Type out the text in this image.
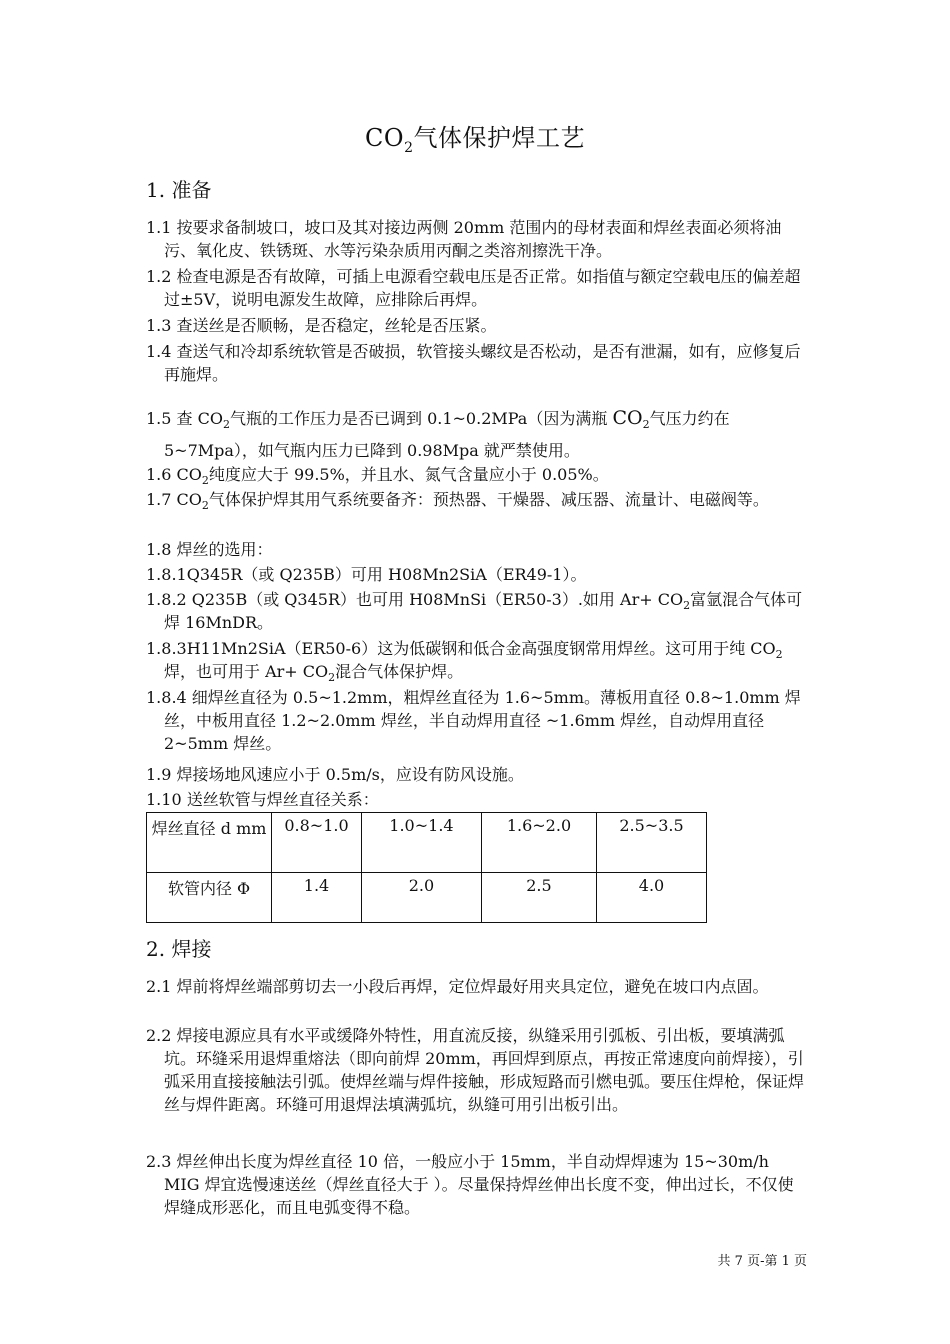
$CO_2$气体保护焊工艺
1. 准备
1.1 按要求备制坡口，坡口及其对接边两侧 20mm 范围内的母材表面和焊丝表面必须将油污、氧化皮、铁锈斑、水等污染杂质用丙酮之类溶剂擦洗干净。
1.2 检查电源是否有故障，可插上电源看空载电压是否正常。如指值与额定空载电压的偏差超过±5V，说明电源发生故障，应排除后再焊。
1.3 查送丝是否顺畅，是否稳定，丝轮是否压紧。
1.4 查送气和冷却系统软管是否破损，软管接头螺纹是否松动，是否有泄漏，如有，应修复后再施焊。
1.5 查 $CO_2$气瓶的工作压力是否已调到 0.1~0.2MPa（因为满瓶 $CO_2$气压力约在 5~7Mpa），如气瓶内压力已降到 0.98Mpa 就严禁使用。
1.6 $CO_2$纯度应大于 99.5%，并且水、氮气含量应小于 0.05%。
1.7 $CO_2$气体保护焊其用气系统要备齐：预热器、干燥器、减压器、流量计、电磁阀等。
1.8 焊丝的选用：
1.8.1Q345R（或 Q235B）可用 H08Mn2SiA（ER49-1）。
1.8.2 Q235B（或 Q345R）也可用 H08MnSi（ER50-3）.如用 $Ar+ CO_2$富氩混合气体可焊 16MnDR。
1.8.3H11Mn2SiA（ER50-6）这为低碳钢和低合金高强度钢常用焊丝。这可用于纯 $CO_2$焊，也可用于 $Ar+ CO_2$混合气体保护焊。
1.8.4 细焊丝直径为 0.5~1.2mm，粗焊丝直径为 1.6~5mm。薄板用直径 0.8~1.0mm 焊丝，中板用直径 1.2~2.0mm 焊丝，半自动焊用直径 ~1.6mm 焊丝，自动焊用直径 2~5mm 焊丝。
1.9 焊接场地风速应小于 0.5m/s，应设有防风设施。
1.10 送丝软管与焊丝直径关系：
焊丝直径 d mm	0.8~1.0	1.0~1.4	1.6~2.0	2.5~3.5
软管内径 Φ	1.4	2.0	2.5	4.0
2. 焊接
2.1 焊前将焊丝端部剪切去一小段后再焊，定位焊最好用夹具定位，避免在坡口内点固。
2.2 焊接电源应具有水平或缓降外特性，用直流反接，纵缝采用引弧板、引出板，要填满弧坑。环缝采用退焊重熔法（即向前焊 20mm，再回焊到原点，再按正常速度向前焊接），引弧采用直接接触法引弧。使焊丝端与焊件接触，形成短路而引燃电弧。要压住焊枪，保证焊丝与焊件距离。环缝可用退焊法填满弧坑，纵缝可用引出板引出。
2.3 焊丝伸出长度为焊丝直径 10 倍，一般应小于 15mm，半自动焊焊速为 15~30m/h MIG 焊宜选慢速送丝（焊丝直径大于 ）。尽量保持焊丝伸出长度不变，伸出过长，不仅使焊缝成形恶化，而且电弧变得不稳。
共 7 页-第 1 页
